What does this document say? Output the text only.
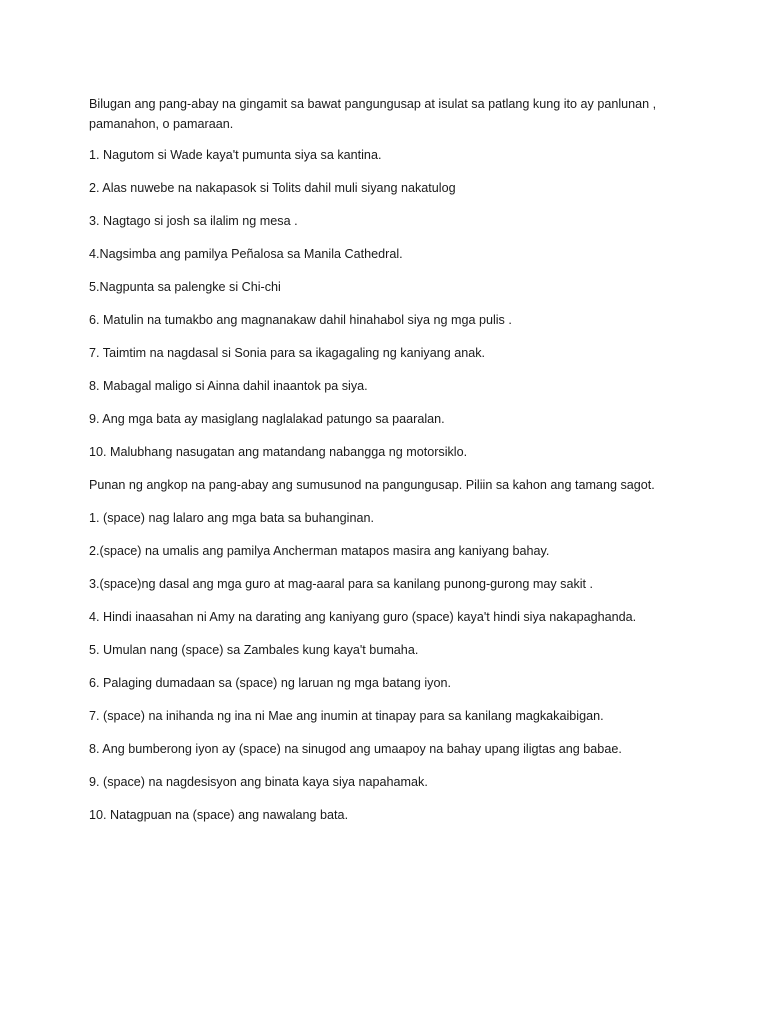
Bilugan ang pang-abay na gingamit sa bawat pangungusap at isulat sa patlang kung ito ay panlunan , pamanahon, o pamaraan.

1. Nagutom si Wade kaya't pumunta siya sa kantina.
2. Alas nuwebe na nakapasok si Tolits dahil muli siyang nakatulog
3. Nagtago si josh sa ilalim ng mesa .
4.Nagsimba ang pamilya Peñalosa sa Manila Cathedral.
5.Nagpunta sa palengke si Chi-chi
6. Matulin na tumakbo ang magnanakaw dahil hinahabol siya ng mga pulis .
7. Taimtim na nagdasal si Sonia para sa ikagagaling ng kaniyang anak.
8. Mabagal maligo si Ainna dahil inaantok pa siya.
9. Ang mga bata ay masiglang naglalakad patungo sa paaralan.
10. Malubhang nasugatan ang matandang nabangga ng motorsiklo.
Punan ng angkop na pang-abay ang sumusunod na pangungusap. Piliin sa kahon ang tamang sagot.
1. (space) nag lalaro ang mga bata sa buhanginan.
2.(space) na umalis ang pamilya Ancherman matapos masira ang kaniyang bahay.
3.(space)ng dasal ang mga guro at mag-aaral para sa kanilang punong-gurong may sakit .
4. Hindi inaasahan ni Amy na darating ang kaniyang guro (space) kaya't hindi siya nakapaghanda.
5. Umulan nang (space) sa Zambales kung kaya't bumaha.
6. Palaging dumadaan sa (space) ng laruan ng mga batang iyon.
7. (space) na inihanda ng ina ni Mae ang inumin at tinapay para sa kanilang magkakaibigan.
8. Ang bumberong iyon ay (space) na sinugod ang umaapoy na bahay upang iligtas ang babae.
9. (space) na nagdesisyon ang binata kaya siya napahamak.
10. Natagpuan na (space) ang nawalang bata.
